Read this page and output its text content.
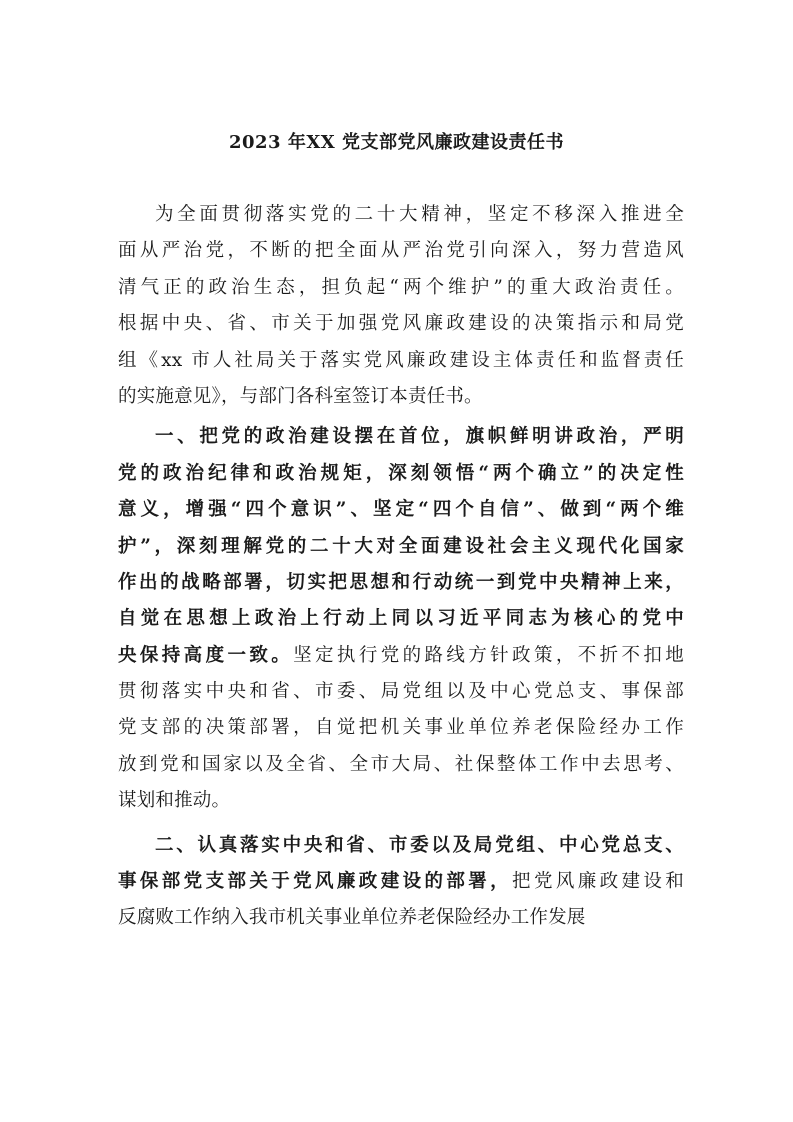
2023 年XX 党支部党风廉政建设责任书
为全面贯彻落实党的二十大精神，坚定不移深入推进全
面从严治党，不断的把全面从严治党引向深入，努力营造风
清气正的政治生态，担负起“两个维护”的重大政治责任。
根据中央、省、市关于加强党风廉政建设的决策指示和局党
组《xx 市人社局关于落实党风廉政建设主体责任和监督责任
的实施意见》，与部门各科室签订本责任书。
一、把党的政治建设摆在首位，旗帜鲜明讲政治，严明
党的政治纪律和政治规矩，深刻领悟“两个确立”的决定性
意义，增强“四个意识”、坚定“四个自信”、做到“两个维
护”，深刻理解党的二十大对全面建设社会主义现代化国家
作出的战略部署，切实把思想和行动统一到党中央精神上来，
自觉在思想上政治上行动上同以习近平同志为核心的党中
央保持高度一致。坚定执行党的路线方针政策，不折不扣地
贯彻落实中央和省、市委、局党组以及中心党总支、事保部
党支部的决策部署，自觉把机关事业单位养老保险经办工作
放到党和国家以及全省、全市大局、社保整体工作中去思考、
谋划和推动。
二、认真落实中央和省、市委以及局党组、中心党总支、
事保部党支部关于党风廉政建设的部署，把党风廉政建设和
反腐败工作纳入我市机关事业单位养老保险经办工作发展
